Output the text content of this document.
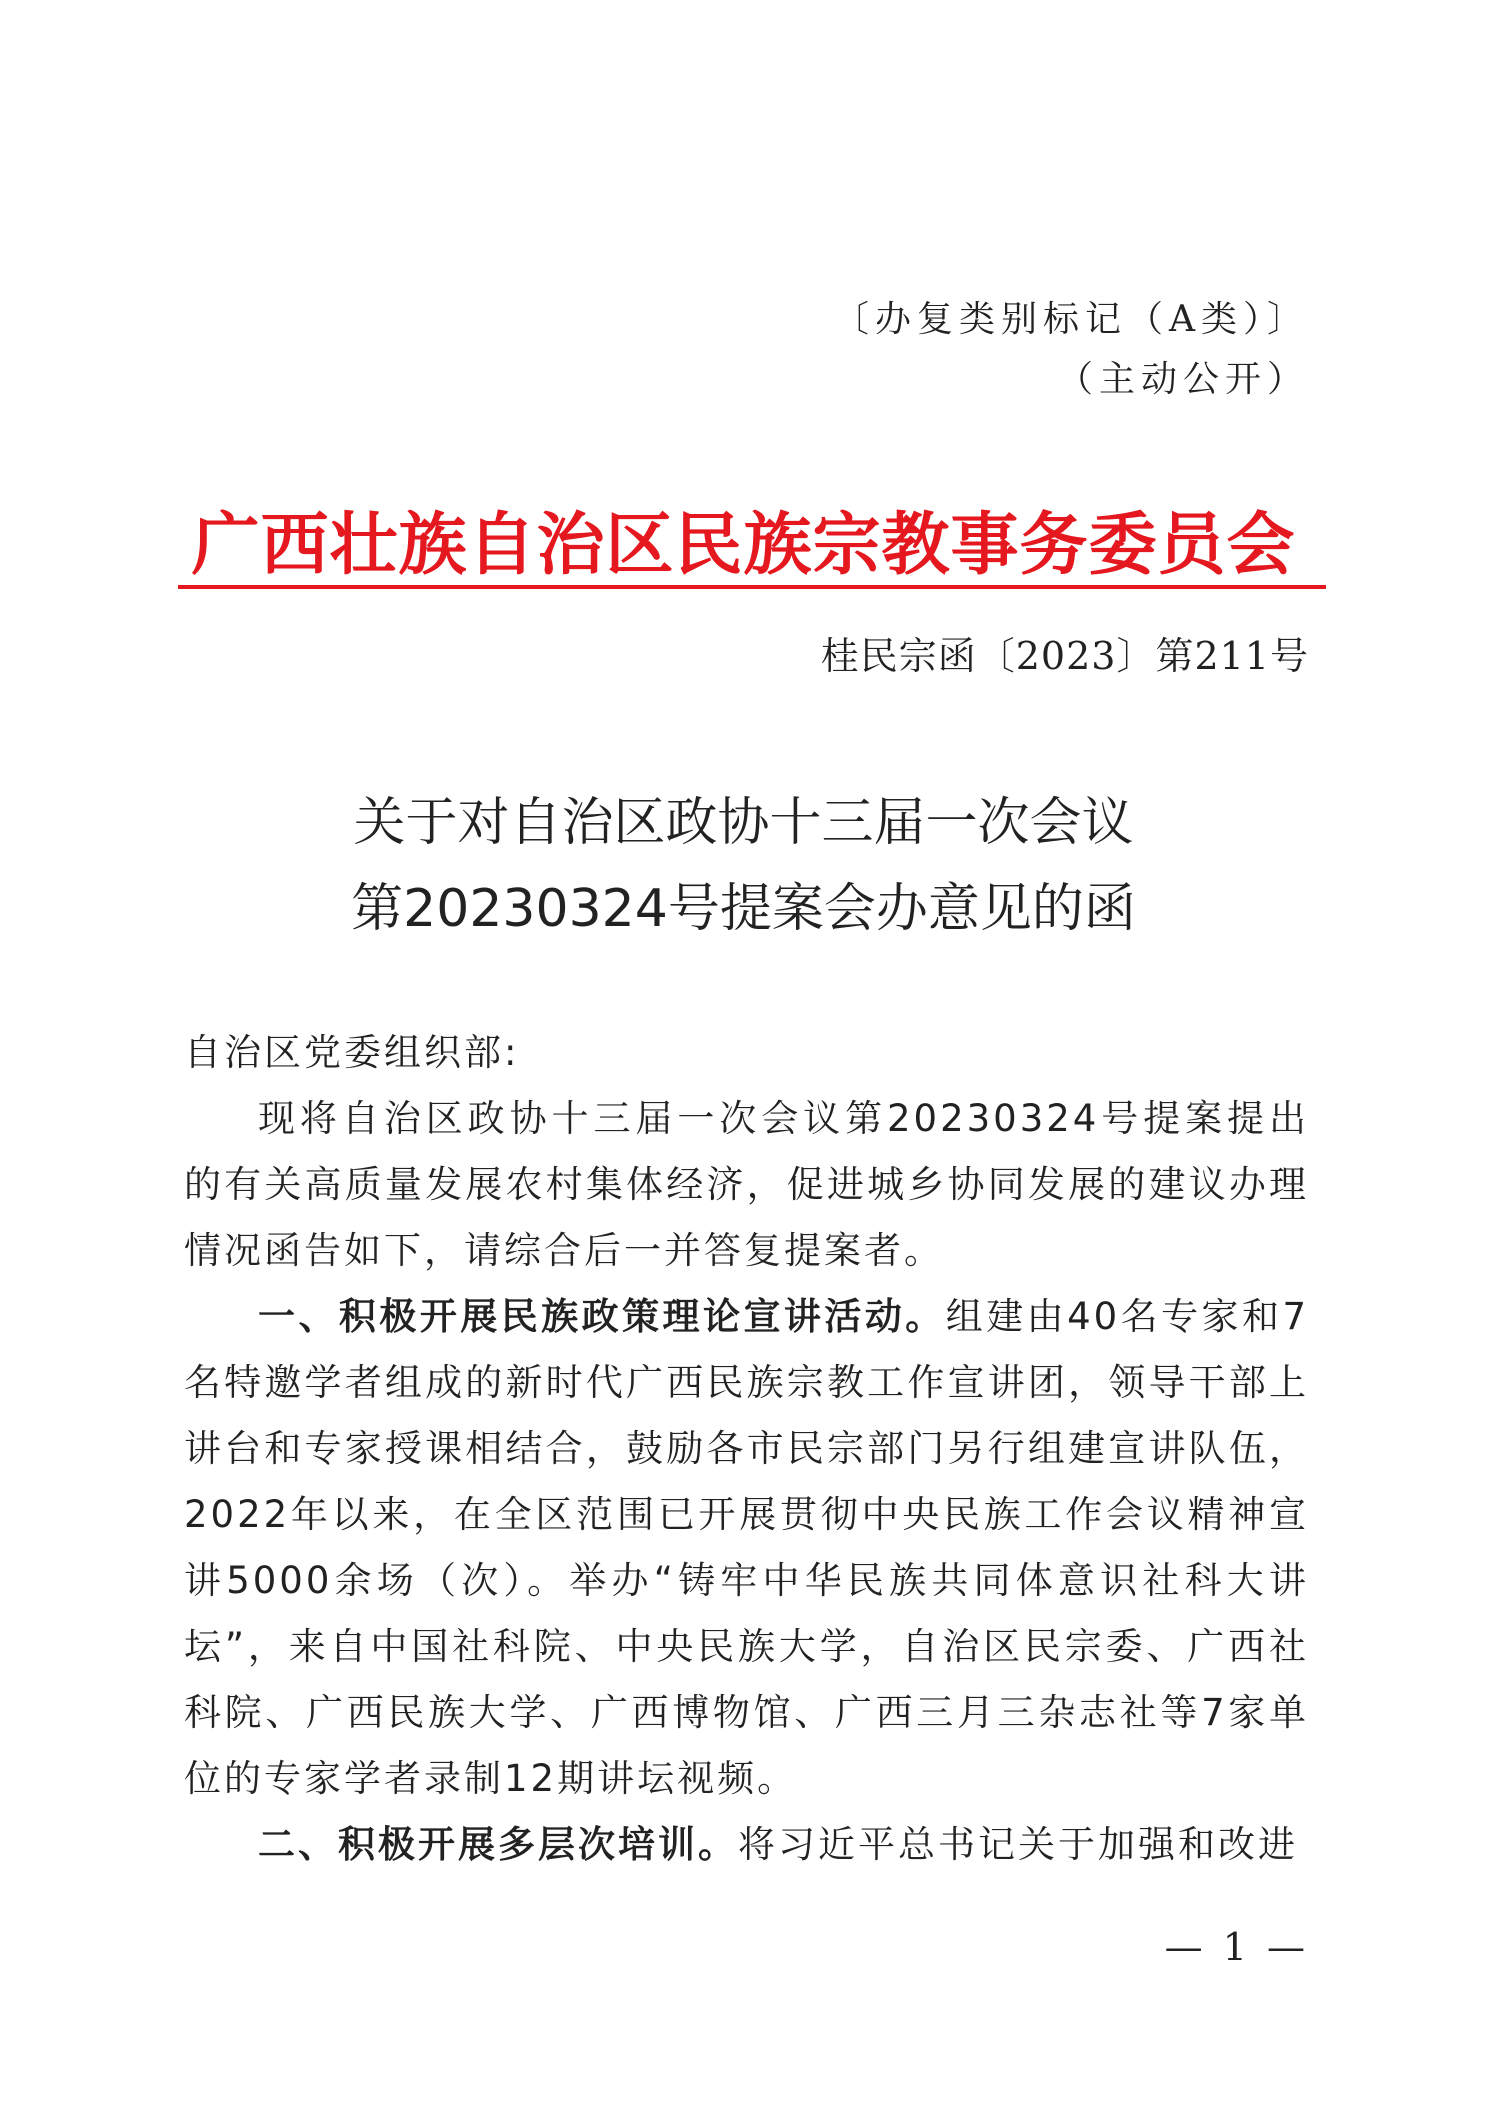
〔办复类别标记（A类）〕
（主动公开）
广西壮族自治区民族宗教事务委员会
桂民宗函〔2023〕第211号
关于对自治区政协十三届一次会议
第20230324号提案会办意见的函

自治区党委组织部:

现将自治区政协十三届一次会议第20230324号提案提出的有关高质量发展农村集体经济，促进城乡协同发展的建议办理情况函告如下，请综合后一并答复提案者。

一、积极开展民族政策理论宣讲活动。组建由40名专家和7名特邀学者组成的新时代广西民族宗教工作宣讲团，领导干部上讲台和专家授课相结合，鼓励各市民宗部门另行组建宣讲队伍，2022年以来，在全区范围已开展贯彻中央民族工作会议精神宣讲5000余场（次）。举办“铸牢中华民族共同体意识社科大讲坛”，来自中国社科院、中央民族大学，自治区民宗委、广西社科院、广西民族大学、广西博物馆、广西三月三杂志社等7家单位的专家学者录制12期讲坛视频。

二、积极开展多层次培训。将习近平总书记关于加强和改进

— 1 —
